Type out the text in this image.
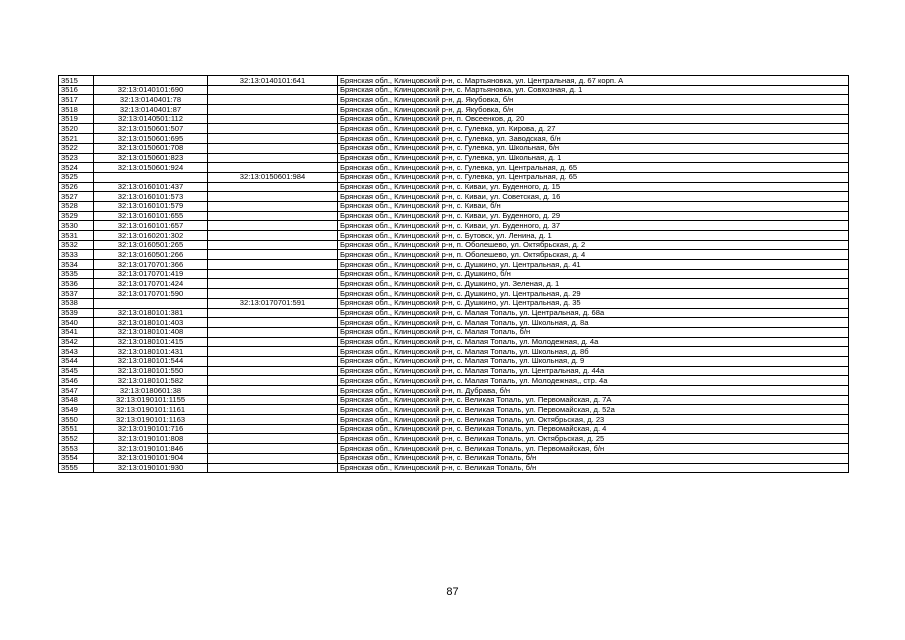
3515		32:13:0140101:641	Брянская обл., Клинцовский р-н, с. Мартьяновка, ул. Центральная, д. 67 корп. А
3516	32:13:0140101:690		Брянская обл., Клинцовский р-н, с. Мартьяновка, ул. Совхозная, д. 1
3517	32:13:0140401:78		Брянская обл., Клинцовский р-н, д. Якубовка, б/н
3518	32:13:0140401:87		Брянская обл., Клинцовский р-н, д. Якубовка, б/н
3519	32:13:0140501:112		Брянская обл., Клинцовский р-н, п. Овсеенков, д. 20
3520	32:13:0150601:507		Брянская обл., Клинцовский р-н, с. Гулевка, ул. Кирова, д. 27
3521	32:13:0150601:695		Брянская обл., Клинцовский р-н, с. Гулевка, ул. Заводская, б/н
3522	32:13:0150601:708		Брянская обл., Клинцовский р-н, с. Гулевка, ул. Школьная, б/н
3523	32:13:0150601:823		Брянская обл., Клинцовский р-н, с. Гулевка, ул. Школьная, д. 1
3524	32:13:0150601:924		Брянская обл., Клинцовский р-н, с. Гулевка, ул. Центральная, д. 65
3525		32:13:0150601:984	Брянская обл., Клинцовский р-н, с. Гулевка, ул. Центральная, д. 65
3526	32:13:0160101:437		Брянская обл., Клинцовский р-н, с. Киваи, ул. Буденного, д. 15
3527	32:13:0160101:573		Брянская обл., Клинцовский р-н, с. Киваи, ул. Советская, д. 16
3528	32:13:0160101:579		Брянская обл., Клинцовский р-н, с. Киваи, б/н
3529	32:13:0160101:655		Брянская обл., Клинцовский р-н, с. Киваи, ул. Буденного, д. 29
3530	32:13:0160101:657		Брянская обл., Клинцовский р-н, с. Киваи, ул. Буденного, д. 37
3531	32:13:0160201:302		Брянская обл., Клинцовский р-н, с. Бутовск, ул. Ленина, д. 1
3532	32:13:0160501:265		Брянская обл., Клинцовский р-н, п. Оболешево, ул. Октябрьская, д. 2
3533	32:13:0160501:266		Брянская обл., Клинцовский р-н, п. Оболешево, ул. Октябрьская, д. 4
3534	32:13:0170701:366		Брянская обл., Клинцовский р-н, с. Душкино, ул. Центральная, д. 41
3535	32:13:0170701:419		Брянская обл., Клинцовский р-н, с. Душкино, б/н
3536	32:13:0170701:424		Брянская обл., Клинцовский р-н, с. Душкино, ул. Зеленая, д. 1
3537	32:13:0170701:590		Брянская обл., Клинцовский р-н, с. Душкино, ул. Центральная, д. 29
3538		32:13:0170701:591	Брянская обл., Клинцовский р-н, с. Душкино, ул. Центральная, д. 35
3539	32:13:0180101:381		Брянская обл., Клинцовский р-н, с. Малая Топаль, ул. Центральная, д. 68а
3540	32:13:0180101:403		Брянская обл., Клинцовский р-н, с. Малая Топаль, ул. Школьная, д. 8а
3541	32:13:0180101:408		Брянская обл., Клинцовский р-н, с. Малая Топаль, б/н
3542	32:13:0180101:415		Брянская обл., Клинцовский р-н, с. Малая Топаль, ул. Молодежная, д. 4а
3543	32:13:0180101:431		Брянская обл., Клинцовский р-н, с. Малая Топаль, ул. Школьная, д. 8б
3544	32:13:0180101:544		Брянская обл., Клинцовский р-н, с. Малая Топаль, ул. Школьная, д. 9
3545	32:13:0180101:550		Брянская обл., Клинцовский р-н, с. Малая Топаль, ул. Центральная, д. 44а
3546	32:13:0180101:582		Брянская обл., Клинцовский р-н, с. Малая Топаль, ул. Молодежная,, стр. 4а
3547	32:13:0180601:38		Брянская обл., Клинцовский р-н, п. Дубрава, б/н
3548	32:13:0190101:1155		Брянская обл., Клинцовский р-н, с. Великая Топаль, ул. Первомайская, д. 7А
3549	32:13:0190101:1161		Брянская обл., Клинцовский р-н, с. Великая Топаль, ул. Первомайская, д. 52а
3550	32:13:0190101:1163		Брянская обл., Клинцовский р-н, с. Великая Топаль, ул. Октябрьская, д. 23
3551	32:13:0190101:716		Брянская обл., Клинцовский р-н, с. Великая Топаль, ул. Первомайская, д. 4
3552	32:13:0190101:808		Брянская обл., Клинцовский р-н, с. Великая Топаль, ул. Октябрьская, д. 25
3553	32:13:0190101:846		Брянская обл., Клинцовский р-н, с. Великая Топаль, ул. Первомайская, б/н
3554	32:13:0190101:904		Брянская обл., Клинцовский р-н, с. Великая Топаль, б/н
3555	32:13:0190101:930		Брянская обл., Клинцовский р-н, с. Великая Топаль, б/н
87
